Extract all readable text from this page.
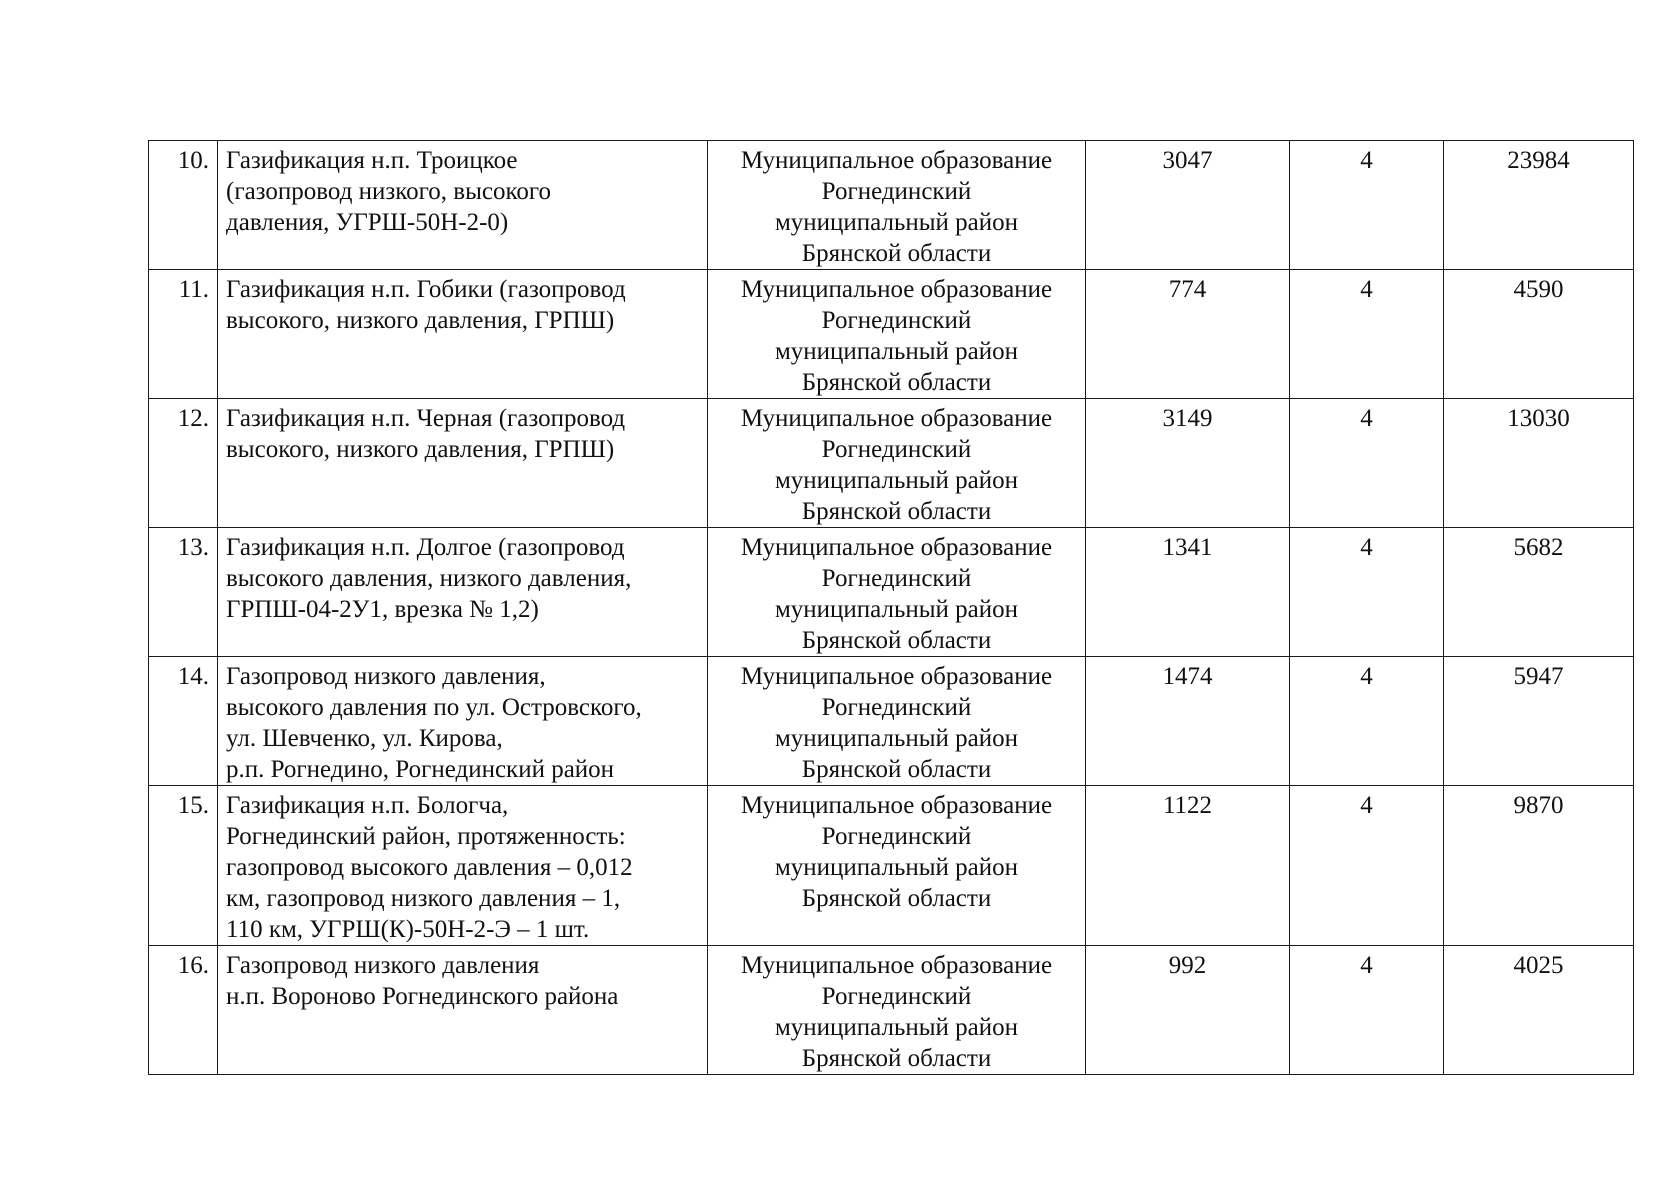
10.	Газификация н.п. Троицкое
(газопровод низкого, высокого
давления, УГРШ-50Н-2-0)	Муниципальное образование
Рогнединский
муниципальный район
Брянской области	3047	4	23984

11.	Газификация н.п. Гобики (газопровод
высокого, низкого давления, ГРПШ)	Муниципальное образование
Рогнединский
муниципальный район
Брянской области	774	4	4590

12.	Газификация н.п. Черная (газопровод
высокого, низкого давления, ГРПШ)	Муниципальное образование
Рогнединский
муниципальный район
Брянской области	3149	4	13030

13.	Газификация н.п. Долгое (газопровод
высокого давления, низкого давления,
ГРПШ-04-2У1, врезка № 1,2)	Муниципальное образование
Рогнединский
муниципальный район
Брянской области	1341	4	5682

14.	Газопровод низкого давления,
высокого давления по ул. Островского,
ул. Шевченко, ул. Кирова,
р.п. Рогнедино, Рогнединский район	Муниципальное образование
Рогнединский
муниципальный район
Брянской области	1474	4	5947

15.	Газификация н.п. Бологча,
Рогнединский район, протяженность:
газопровод высокого давления – 0,012
км, газопровод низкого давления – 1,
110 км, УГРШ(К)-50Н-2-Э – 1 шт.	Муниципальное образование
Рогнединский
муниципальный район
Брянской области	1122	4	9870

16.	Газопровод низкого давления
н.п. Вороново Рогнединского района	Муниципальное образование
Рогнединский
муниципальный район
Брянской области	992	4	4025
